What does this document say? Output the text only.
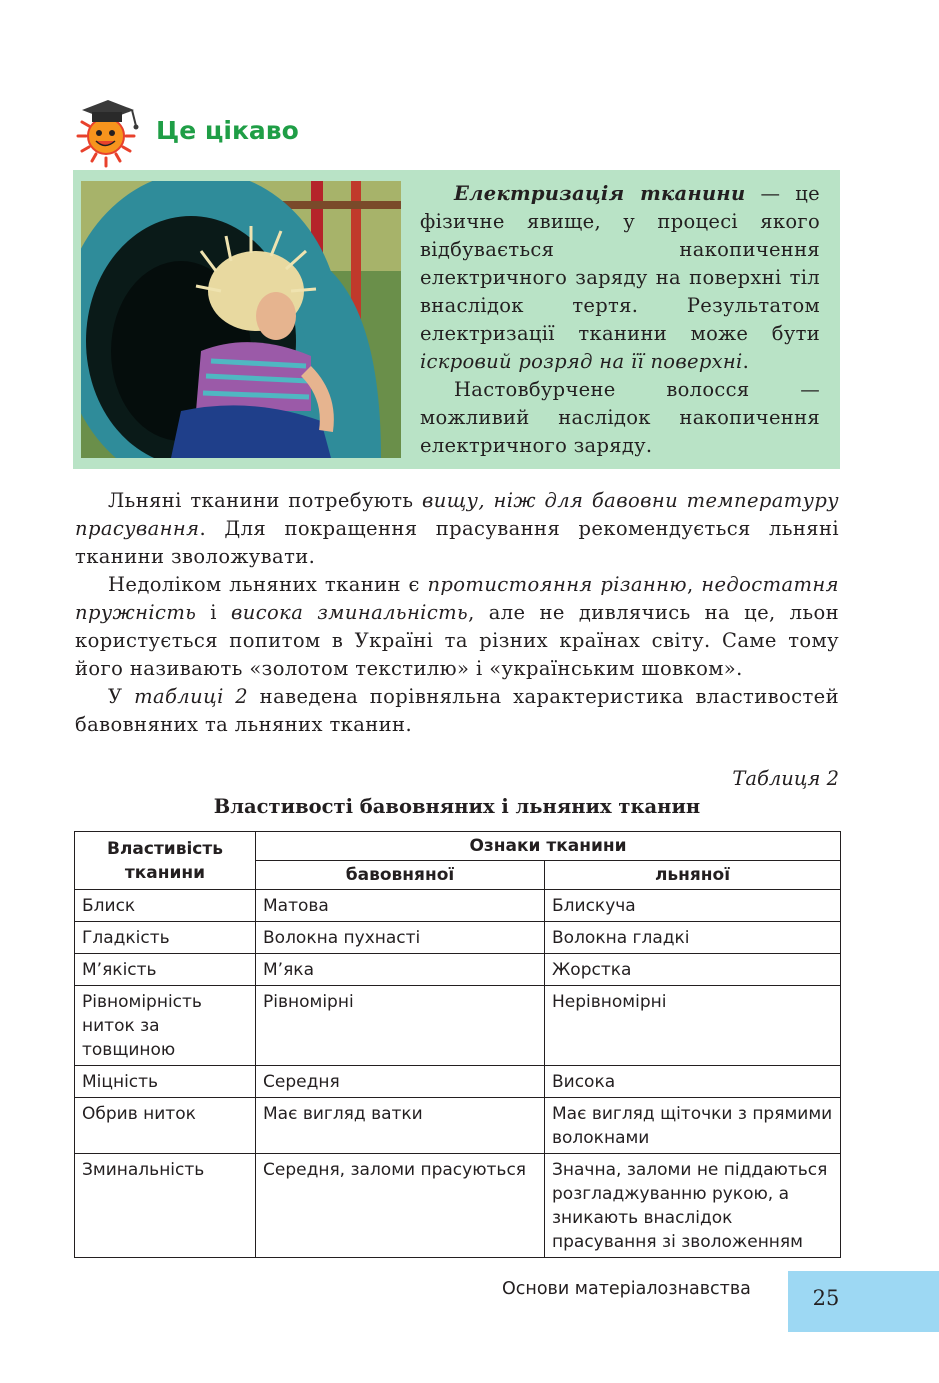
Це цікаво

Електризація тканини — це фізичне явище, у процесі якого відбувається накопичення електричного заряду на поверхні тіл внаслідок тертя. Результатом електризації тканини може бути іскровий розряд на її поверхні.

Настовбурчене волосся — можливий наслідок накопичення електричного заряду.

Льняні тканини потребують вищу, ніж для бавовни температуру прасування. Для покращення прасування рекомендується льняні тканини зволожувати.

Недоліком льняних тканин є протистояння різанню, недостатня пружність і висока зминальність, але не дивлячись на це, льон користується попитом в Україні та різних країнах світу. Саме тому його називають «золотом текстилю» і «українським шовком».

У таблиці 2 наведена порівняльна характеристика властивостей бавовняних та льняних тканин.

Таблиця 2
Властивості бавовняних і льняних тканин
Властивість тканини	Ознаки тканини	
	бавовняної	льняної
Блиск	Матова	Блискуча
Гладкість	Волокна пухнасті	Волокна гладкі
М’якість	М’яка	Жорстка
Рівномірність ниток за товщиною	Рівномірні	Нерівномірні
Міцність	Середня	Висока
Обрив ниток	Має вигляд ватки	Має вигляд щіточки з прямими волокнами
Зминальність	Середня, заломи прасуються	Значна, заломи не піддаються розгладжуванню рукою, а зникають внаслідок прасування зі зволоженням
Основи матеріалознавства	25
